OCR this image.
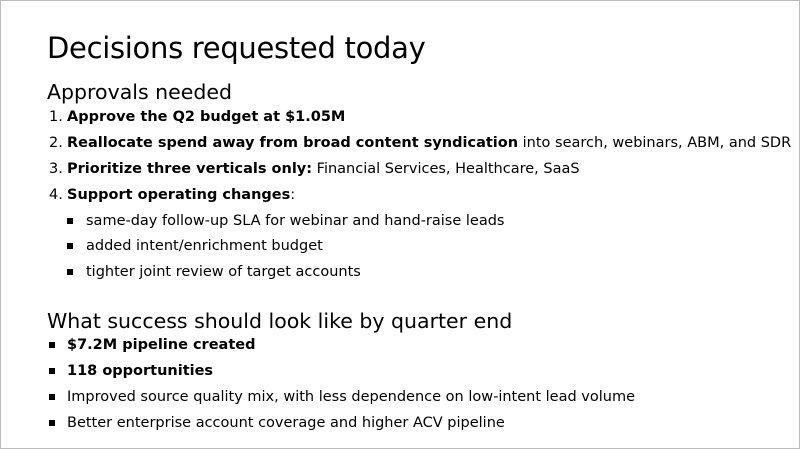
Decisions requested today
Approvals needed
1. Approve the Q2 budget at $1.05M
2. Reallocate spend away from broad content syndication into search, webinars, ABM, and SDR
3. Prioritize three verticals only: Financial Services, Healthcare, SaaS
4. Support operating changes:
same-day follow-up SLA for webinar and hand-raise leads
added intent/enrichment budget
tighter joint review of target accounts
What success should look like by quarter end
$7.2M pipeline created
118 opportunities
Improved source quality mix, with less dependence on low-intent lead volume
Better enterprise account coverage and higher ACV pipeline
